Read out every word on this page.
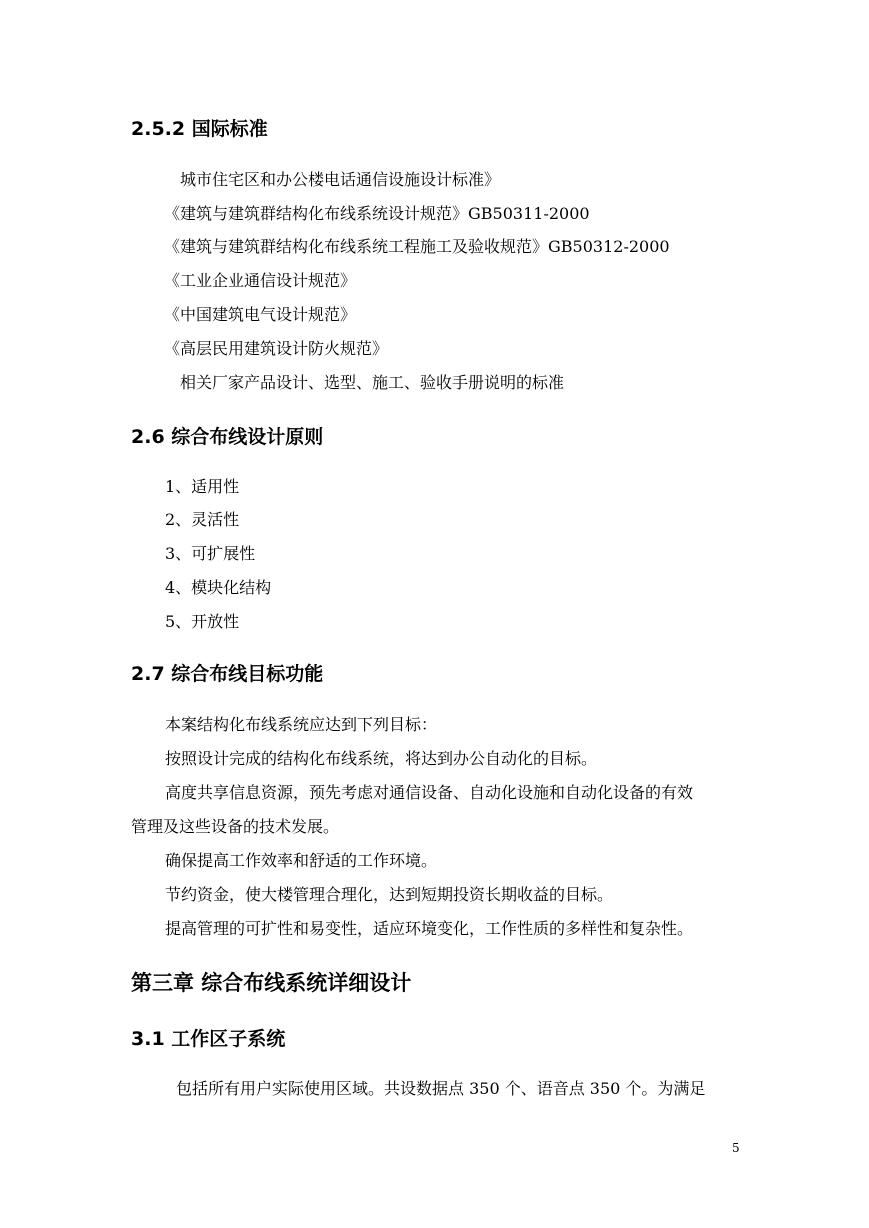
2.5.2 国际标准

城市住宅区和办公楼电话通信设施设计标准》

《建筑与建筑群结构化布线系统设计规范》GB50311-2000

《建筑与建筑群结构化布线系统工程施工及验收规范》GB50312-2000

《工业企业通信设计规范》

《中国建筑电气设计规范》

《高层民用建筑设计防火规范》

相关厂家产品设计、选型、施工、验收手册说明的标准

2.6 综合布线设计原则

1、适用性

2、灵活性

3、可扩展性

4、模块化结构

5、开放性

2.7 综合布线目标功能

本案结构化布线系统应达到下列目标：

按照设计完成的结构化布线系统，将达到办公自动化的目标。

高度共享信息资源，预先考虑对通信设备、自动化设施和自动化设备的有效

管理及这些设备的技术发展。

确保提高工作效率和舒适的工作环境。

节约资金，使大楼管理合理化，达到短期投资长期收益的目标。

提高管理的可扩性和易变性，适应环境变化，工作性质的多样性和复杂性。

第三章 综合布线系统详细设计
3.1 工作区子系统

包括所有用户实际使用区域。共设数据点 350 个、语音点 350 个。为满足

5
